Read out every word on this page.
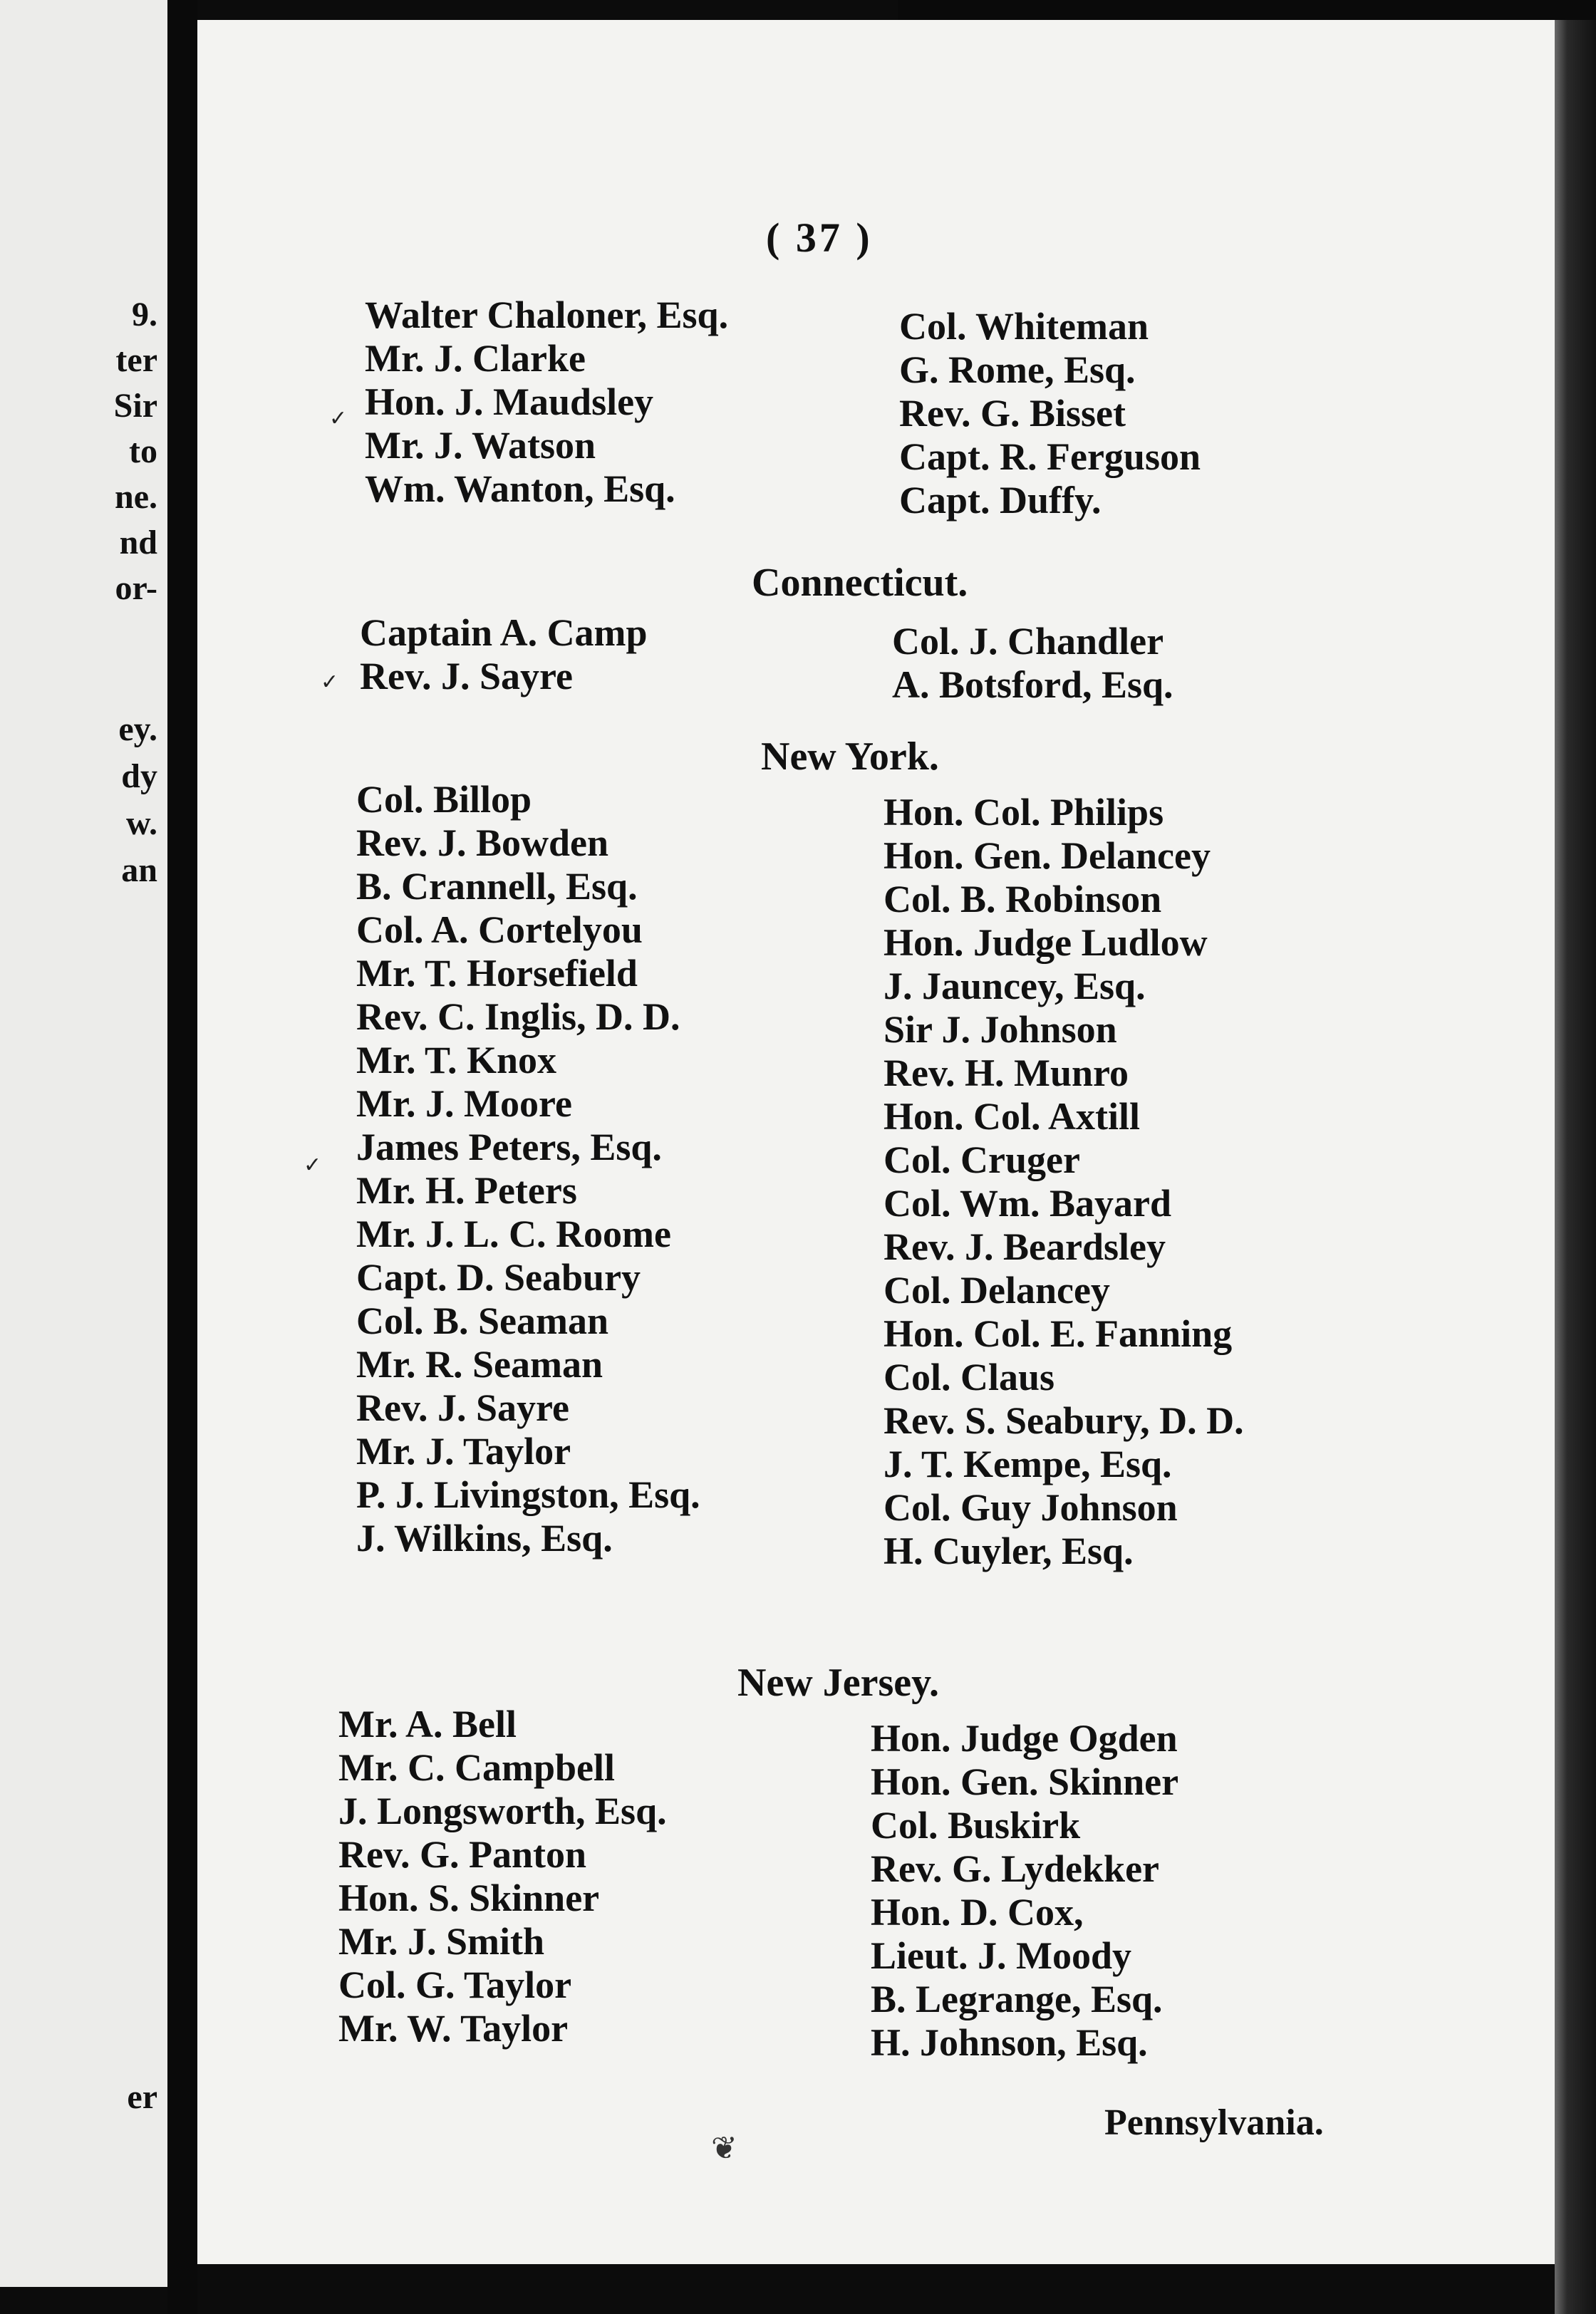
9.
ter
Sir
to
ne.
nd
or-
ey.
dy
w.
an
er
( 37 )
Walter Chaloner, Esq.
Mr. J. Clarke
Hon. J. Maudsley
Mr. J. Watson
Wm. Wanton, Esq.
Col. Whiteman
G. Rome, Esq.
Rev. G. Bisset
Capt. R. Ferguson
Capt. Duffy.
Connecticut.
Captain A. Camp
Rev. J. Sayre
Col. J. Chandler
A. Botsford, Esq.
New York.
Col. Billop
Rev. J. Bowden
B. Crannell, Esq.
Col. A. Cortelyou
Mr. T. Horsefield
Rev. C. Inglis, D. D.
Mr. T. Knox
Mr. J. Moore
James Peters, Esq.
Mr. H. Peters
Mr. J. L. C. Roome
Capt. D. Seabury
Col. B. Seaman
Mr. R. Seaman
Rev. J. Sayre
Mr. J. Taylor
P. J. Livingston, Esq.
J. Wilkins, Esq.
Hon. Col. Philips
Hon. Gen. Delancey
Col. B. Robinson
Hon. Judge Ludlow
J. Jauncey, Esq.
Sir J. Johnson
Rev. H. Munro
Hon. Col. Axtill
Col. Cruger
Col. Wm. Bayard
Rev. J. Beardsley
Col. Delancey
Hon. Col. E. Fanning
Col. Claus
Rev. S. Seabury, D. D.
J. T. Kempe, Esq.
Col. Guy Johnson
H. Cuyler, Esq.
New Jersey.
Mr. A. Bell
Mr. C. Campbell
J. Longsworth, Esq.
Rev. G. Panton
Hon. S. Skinner
Mr. J. Smith
Col. G. Taylor
Mr. W. Taylor
Hon. Judge Ogden
Hon. Gen. Skinner
Col. Buskirk
Rev. G. Lydekker
Hon. D. Cox,
Lieut. J. Moody
B. Legrange, Esq.
H. Johnson, Esq.
Pennsylvania.
❦
✓
✓
✓
